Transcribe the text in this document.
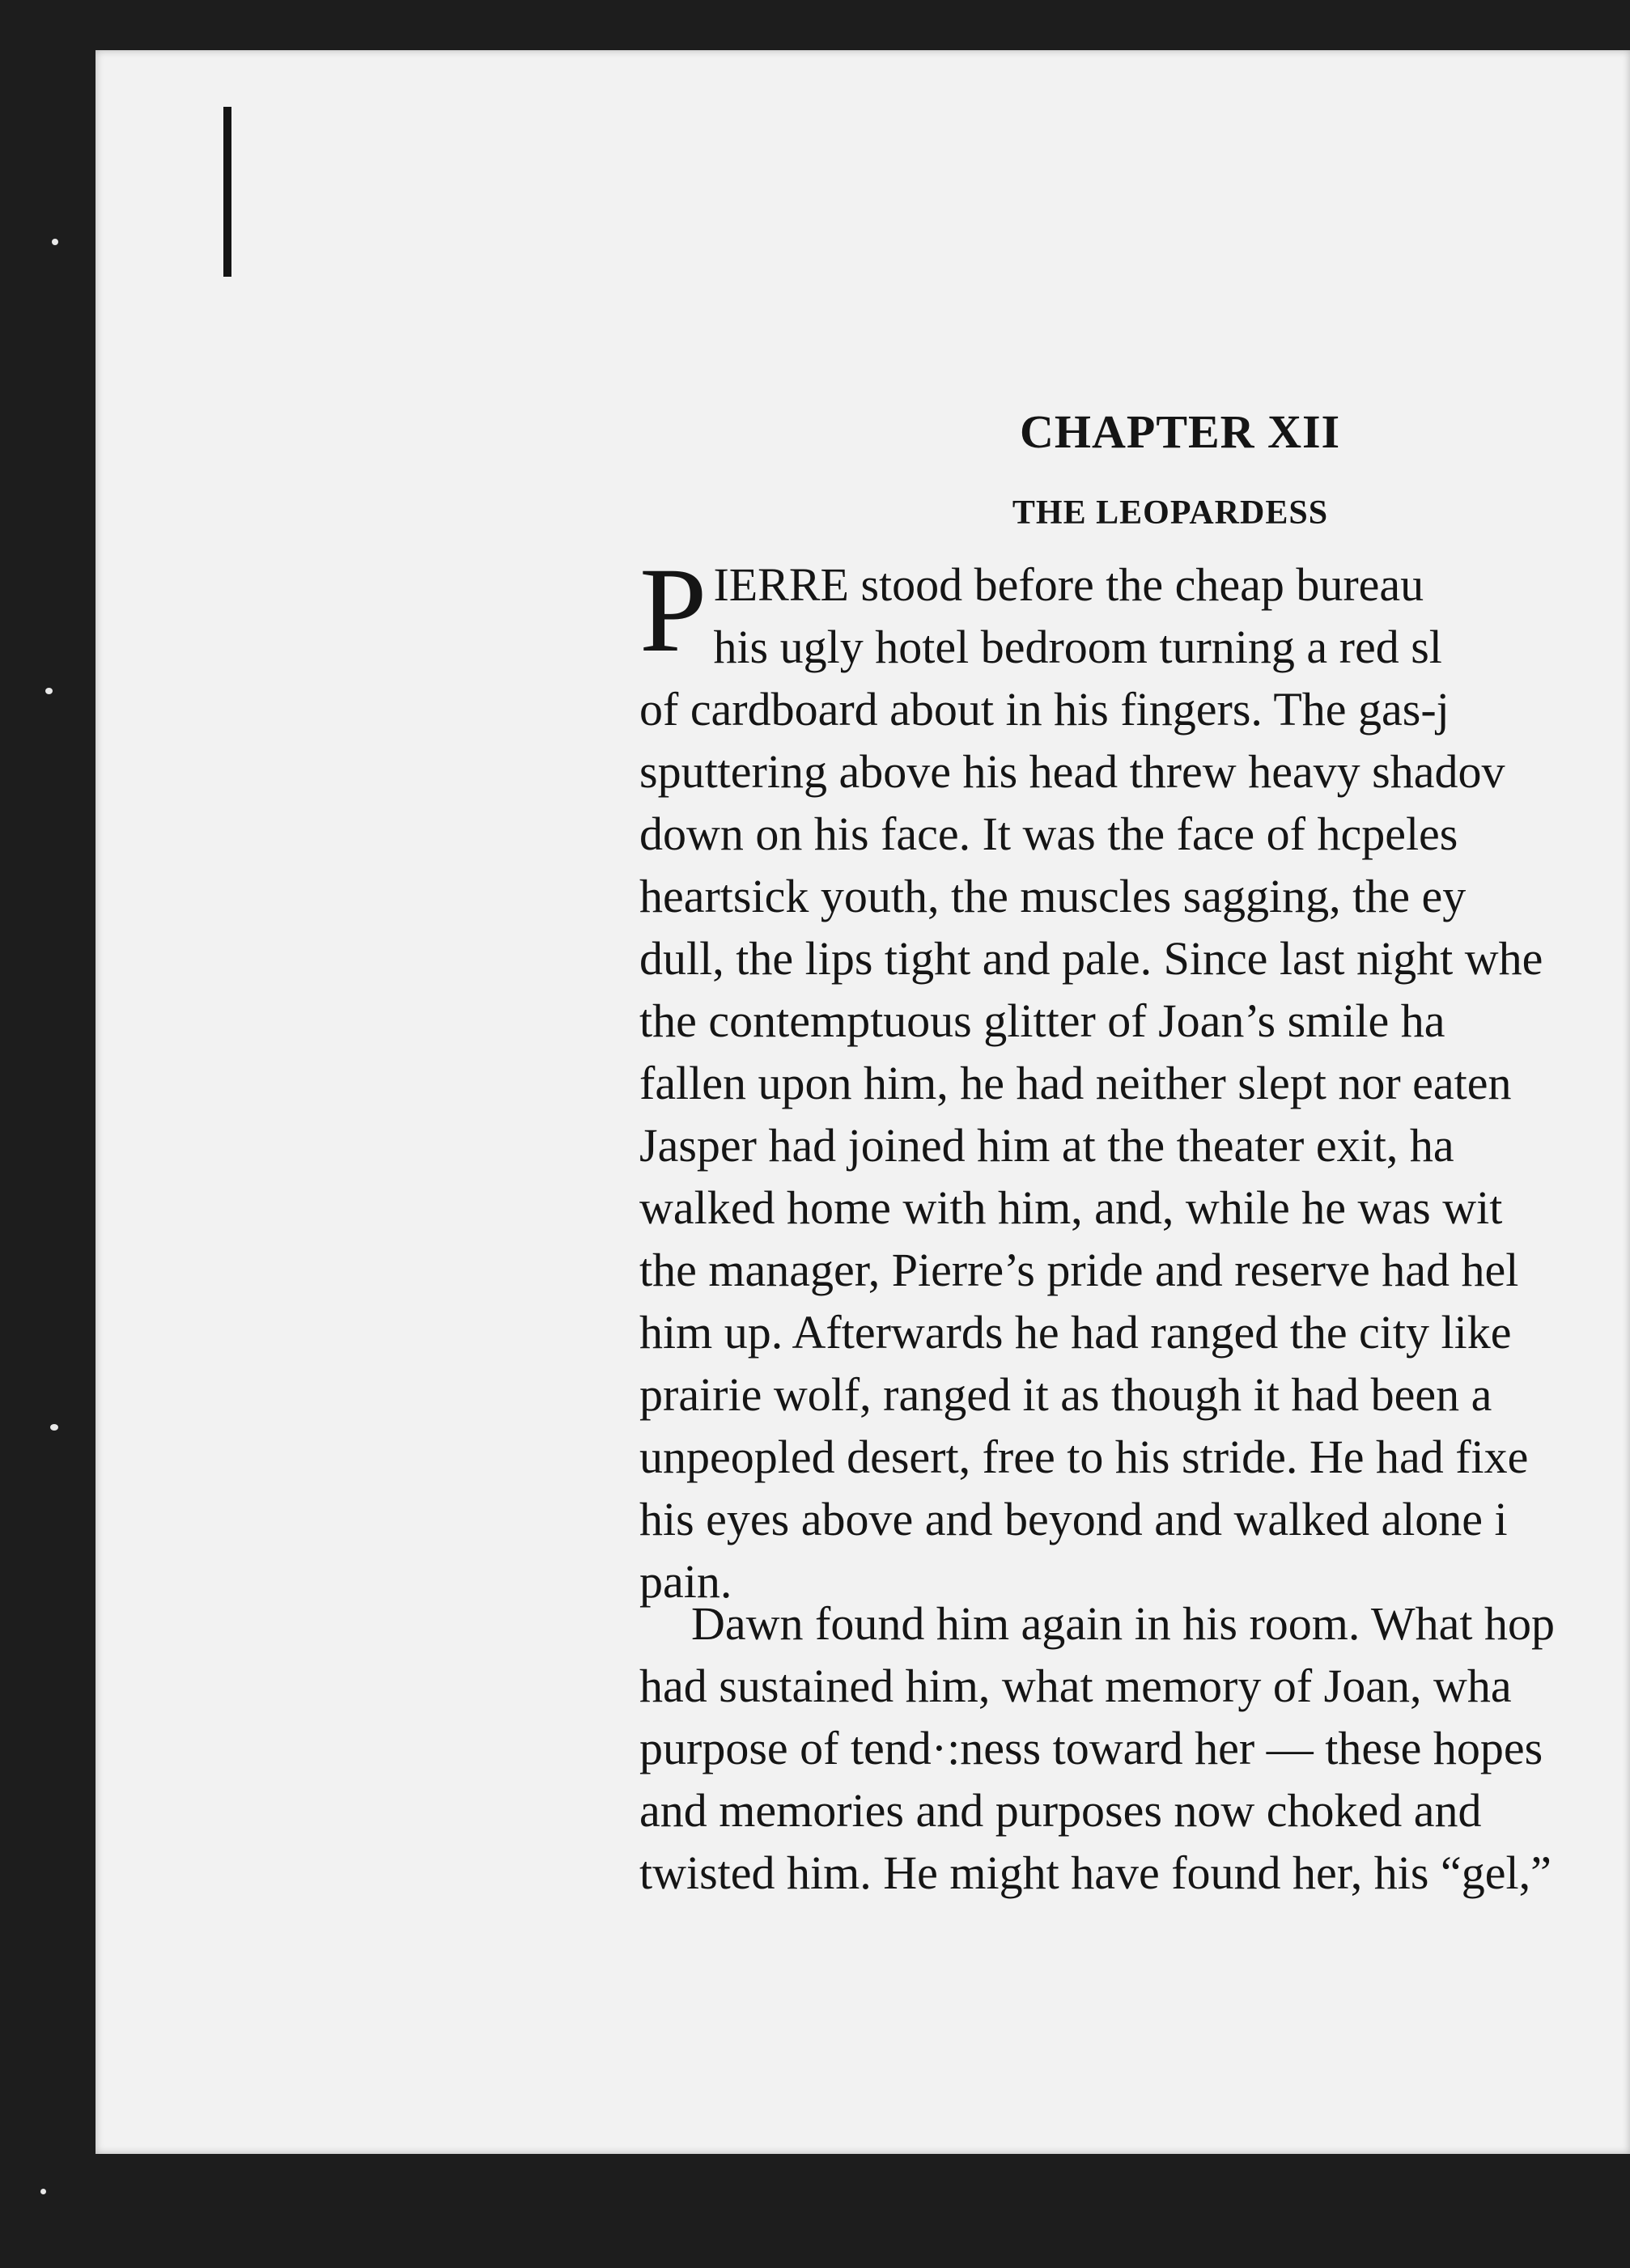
CHAPTER XII
THE LEOPARDESS
P IERRE stood before the cheap bureau
his ugly hotel bedroom turning a red sl
of cardboard about in his fingers. The gas-j
sputtering above his head threw heavy shadov
down on his face. It was the face of hcpeles
heartsick youth, the muscles sagging, the ey
dull, the lips tight and pale. Since last night whe
the contemptuous glitter of Joan’s smile ha
fallen upon him, he had neither slept nor eaten
Jasper had joined him at the theater exit, ha
walked home with him, and, while he was wit
the manager, Pierre’s pride and reserve had hel
him up. Afterwards he had ranged the city like
prairie wolf, ranged it as though it had been a
unpeopled desert, free to his stride. He had fixe
his eyes above and beyond and walked alone i
pain.
Dawn found him again in his room. What hop
had sustained him, what memory of Joan, wha
purpose of tend·:ness toward her — these hopes
and memories and purposes now choked and
twisted him. He might have found her, his “gel,”
